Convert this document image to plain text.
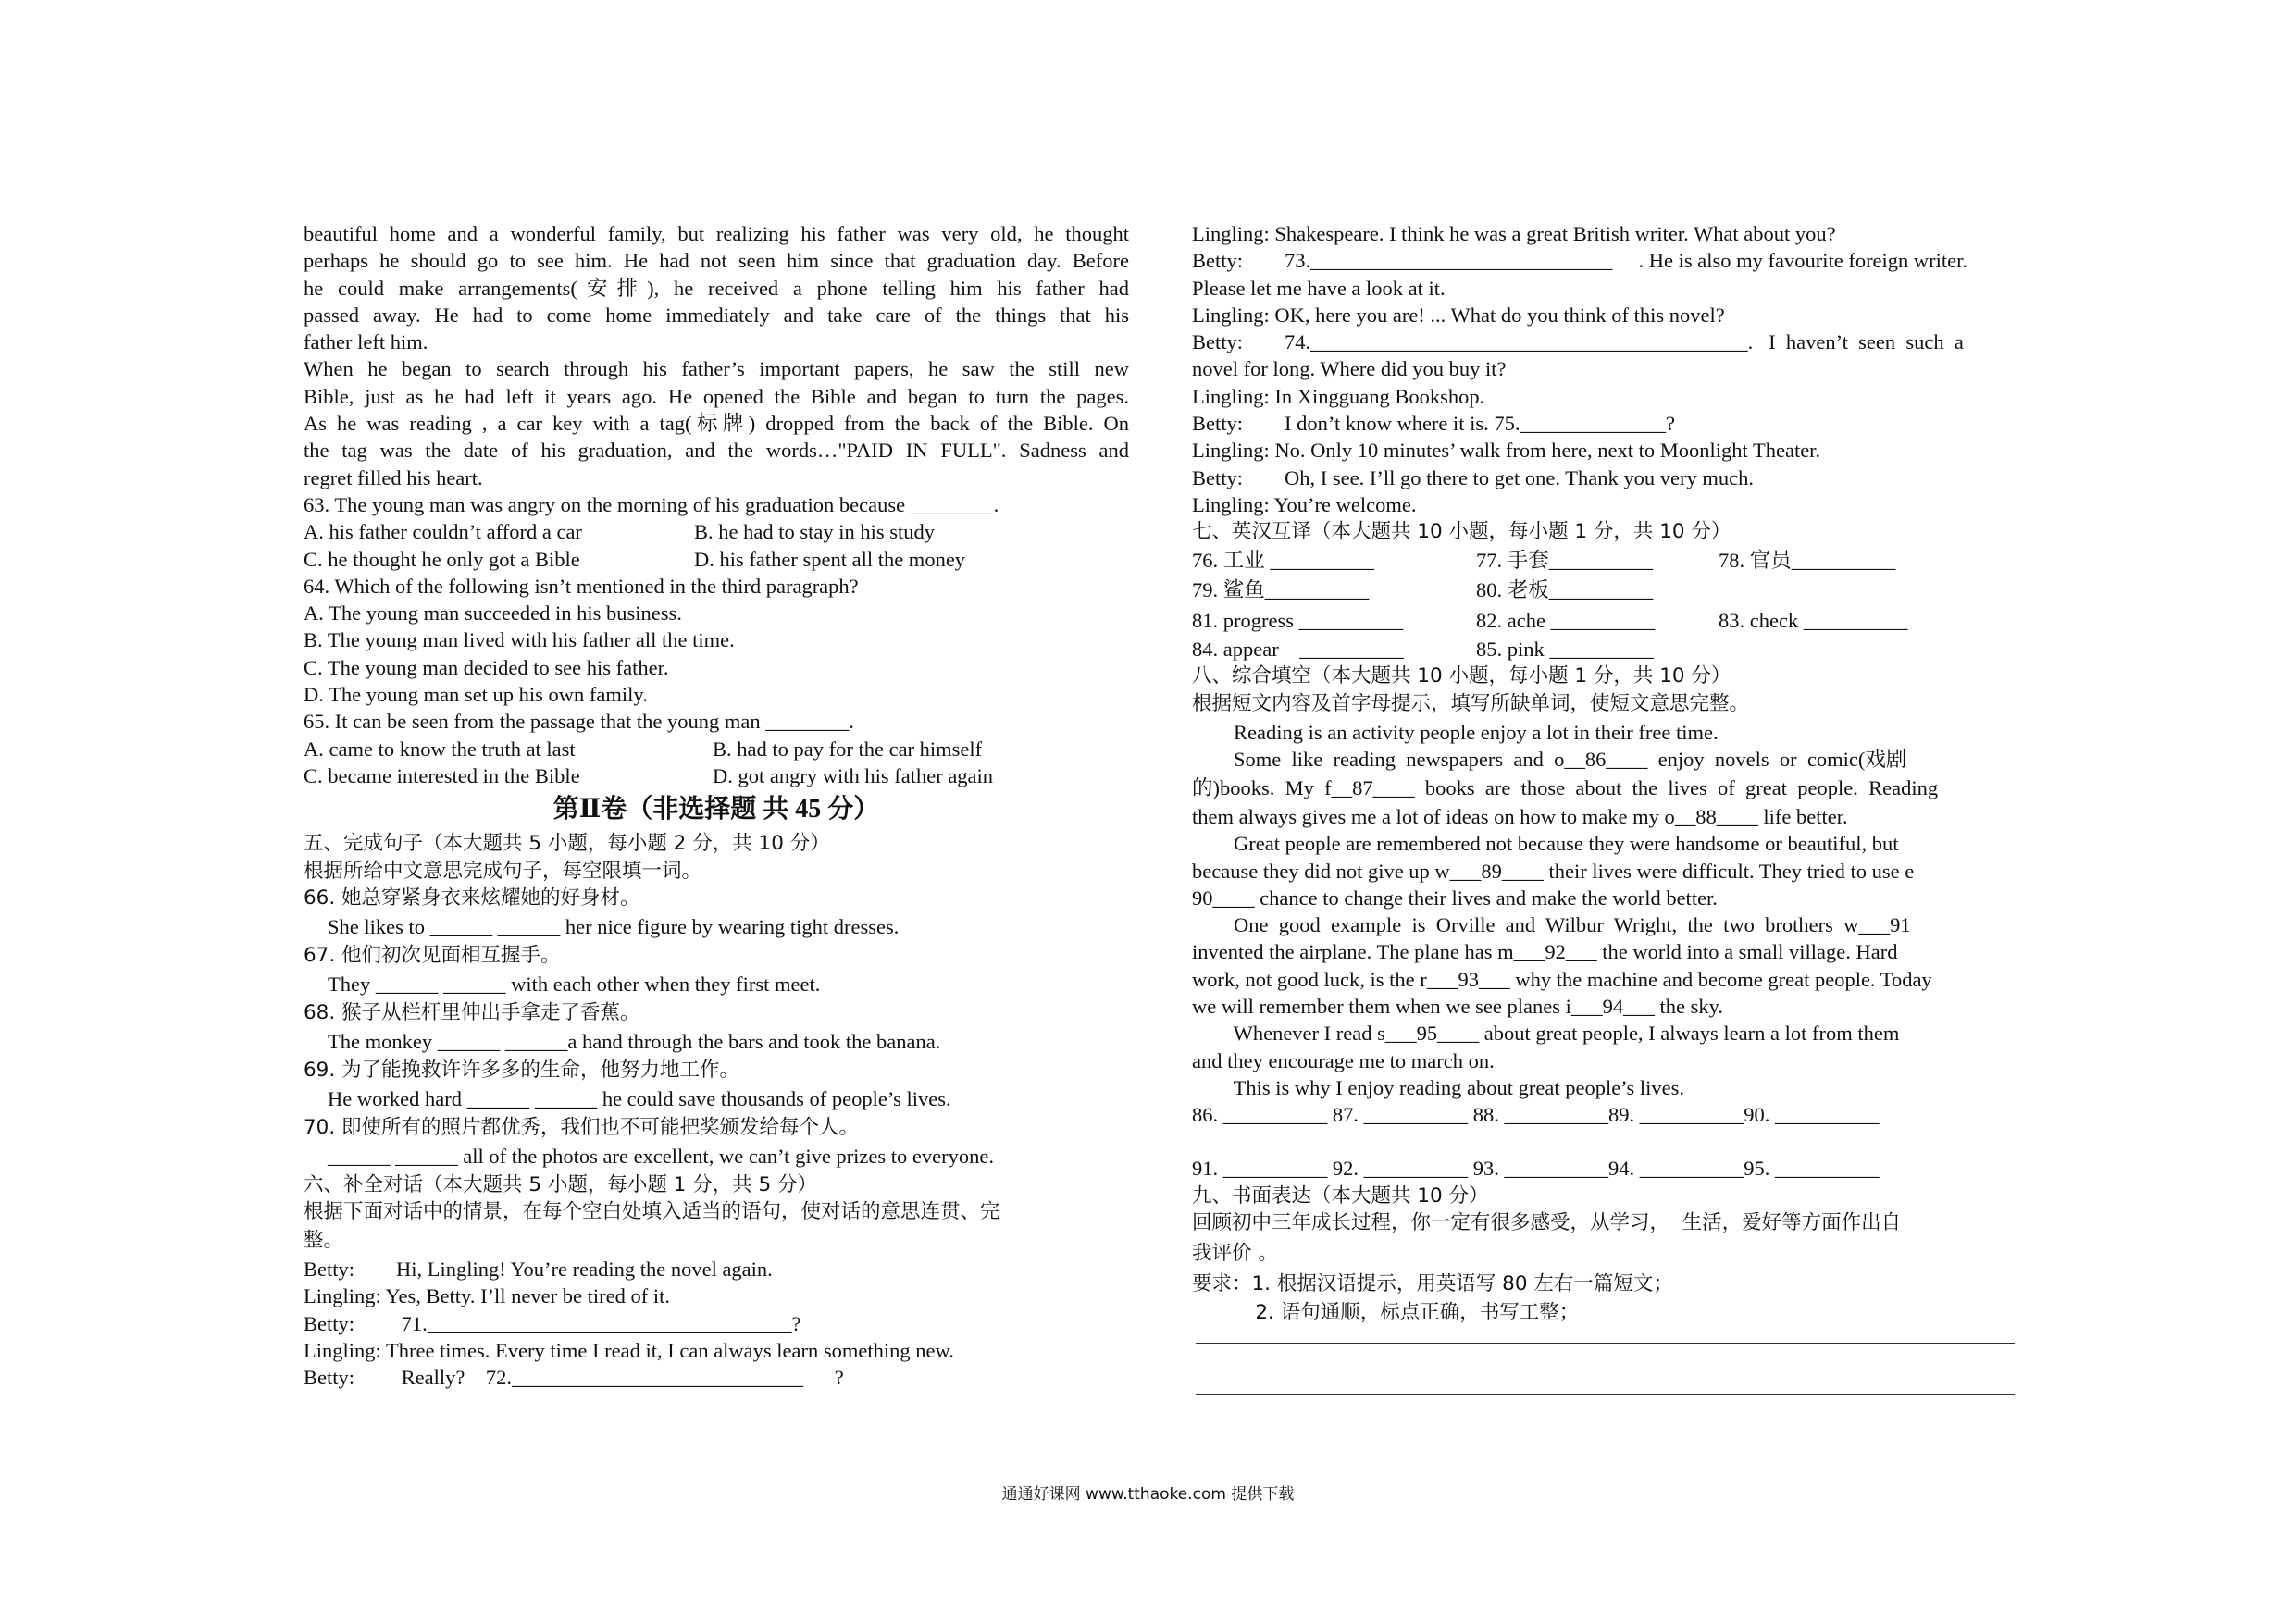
beautiful home and a wonderful family, but realizing his father was very old, he thought
perhaps he should go to see him. He had not seen him since that graduation day. Before
he could make arrangements(安排), he received a phone telling him his father had
passed away. He had to come home immediately and take care of the things that his
father left him.
When he began to search through his father’s important papers, he saw the still new
Bible, just as he had left it years ago. He opened the Bible and began to turn the pages.
As he was reading , a car key with a tag(标牌) dropped from the back of the Bible. On
the tag was the date of his graduation, and the words…"PAID IN FULL". Sadness and
regret filled his heart.
63. The young man was angry on the morning of his graduation because ________.
A. his father couldn’t afford a car	B. he had to stay in his study
C. he thought he only got a Bible	D. his father spent all the money
64. Which of the following isn’t mentioned in the third paragraph?
A. The young man succeeded in his business.
B. The young man lived with his father all the time.
C. The young man decided to see his father.
D. The young man set up his own family.
65. It can be seen from the passage that the young man ________.
A. came to know the truth at last	B. had to pay for the car himself
C. became interested in the Bible	D. got angry with his father again
第Ⅱ卷（非选择题 共 45 分）
五、完成句子（本大题共 5 小题，每小题 2 分，共 10 分）
根据所给中文意思完成句子，每空限填一词。
66. 她总穿紧身衣来炫耀她的好身材。
She likes to ______ ______ her nice figure by wearing tight dresses.
67. 他们初次见面相互握手。
They ______ ______ with each other when they first meet.
68. 猴子从栏杆里伸出手拿走了香蕉。
The monkey ______ ______a hand through the bars and took the banana.
69. 为了能挽救许许多多的生命，他努力地工作。
He worked hard ______ ______ he could save thousands of people’s lives.
70. 即使所有的照片都优秀，我们也不可能把奖颁发给每个人。
______ ______ all of the photos are excellent, we can’t give prizes to everyone.
六、补全对话（本大题共 5 小题，每小题 1 分，共 5 分）
根据下面对话中的情景，在每个空白处填入适当的语句，使对话的意思连贯、完
整。
Betty:        Hi, Lingling! You’re reading the novel again.
Lingling: Yes, Betty. I’ll never be tired of it.
Betty:         71.___________________________________?
Lingling: Three times. Every time I read it, I can always learn something new.
Betty:         Really?    72.____________________________      ?
Lingling: Shakespeare. I think he was a great British writer. What about you?
Betty:        73._____________________________     . He is also my favourite foreign writer.
Please let me have a look at it.
Lingling: OK, here you are! ... What do you think of this novel?
Betty:        74.__________________________________________.   I  haven’t  seen  such  a
novel for long. Where did you buy it?
Lingling: In Xingguang Bookshop.
Betty:        I don’t know where it is. 75.______________?
Lingling: No. Only 10 minutes’ walk from here, next to Moonlight Theater.
Betty:        Oh, I see. I’ll go there to get one. Thank you very much.
Lingling: You’re welcome.
七、英汉互译（本大题共 10 小题，每小题 1 分，共 10 分）
76. 工业 __________	77. 手套__________	78. 官员__________
79. 鲨鱼__________	80. 老板__________
81. progress __________	82. ache __________	83. check __________
84. appear    __________	85. pink __________
八、综合填空（本大题共 10 小题，每小题 1 分，共 10 分）
根据短文内容及首字母提示，填写所缺单词，使短文意思完整。
Reading is an activity people enjoy a lot in their free time.
Some  like  reading  newspapers  and  o__86____  enjoy  novels  or  comic(戏剧
的)books.  My  f__87____  books  are  those  about  the  lives  of  great  people.  Reading
them always gives me a lot of ideas on how to make my o__88____ life better.
Great people are remembered not because they were handsome or beautiful, but
because they did not give up w___89____ their lives were difficult. They tried to use e
90____ chance to change their lives and make the world better.
One  good  example  is  Orville  and  Wilbur  Wright,  the  two  brothers  w___91
invented the airplane. The plane has m___92___ the world into a small village. Hard
work, not good luck, is the r___93___ why the machine and become great people. Today
we will remember them when we see planes i___94___ the sky.
Whenever I read s___95____ about great people, I always learn a lot from them
and they encourage me to march on.
This is why I enjoy reading about great people’s lives.
86. __________ 87. __________ 88. __________89. __________90. __________
91. __________ 92. __________ 93. __________94. __________95. __________
九、书面表达（本大题共 10 分）
回顾初中三年成长过程，你一定有很多感受，从学习，  生活，爱好等方面作出自
我评价 。
要求：1. 根据汉语提示，用英语写 80 左右一篇短文；
2. 语句通顺，标点正确，书写工整；
通通好课网 www.tthaoke.com 提供下载
